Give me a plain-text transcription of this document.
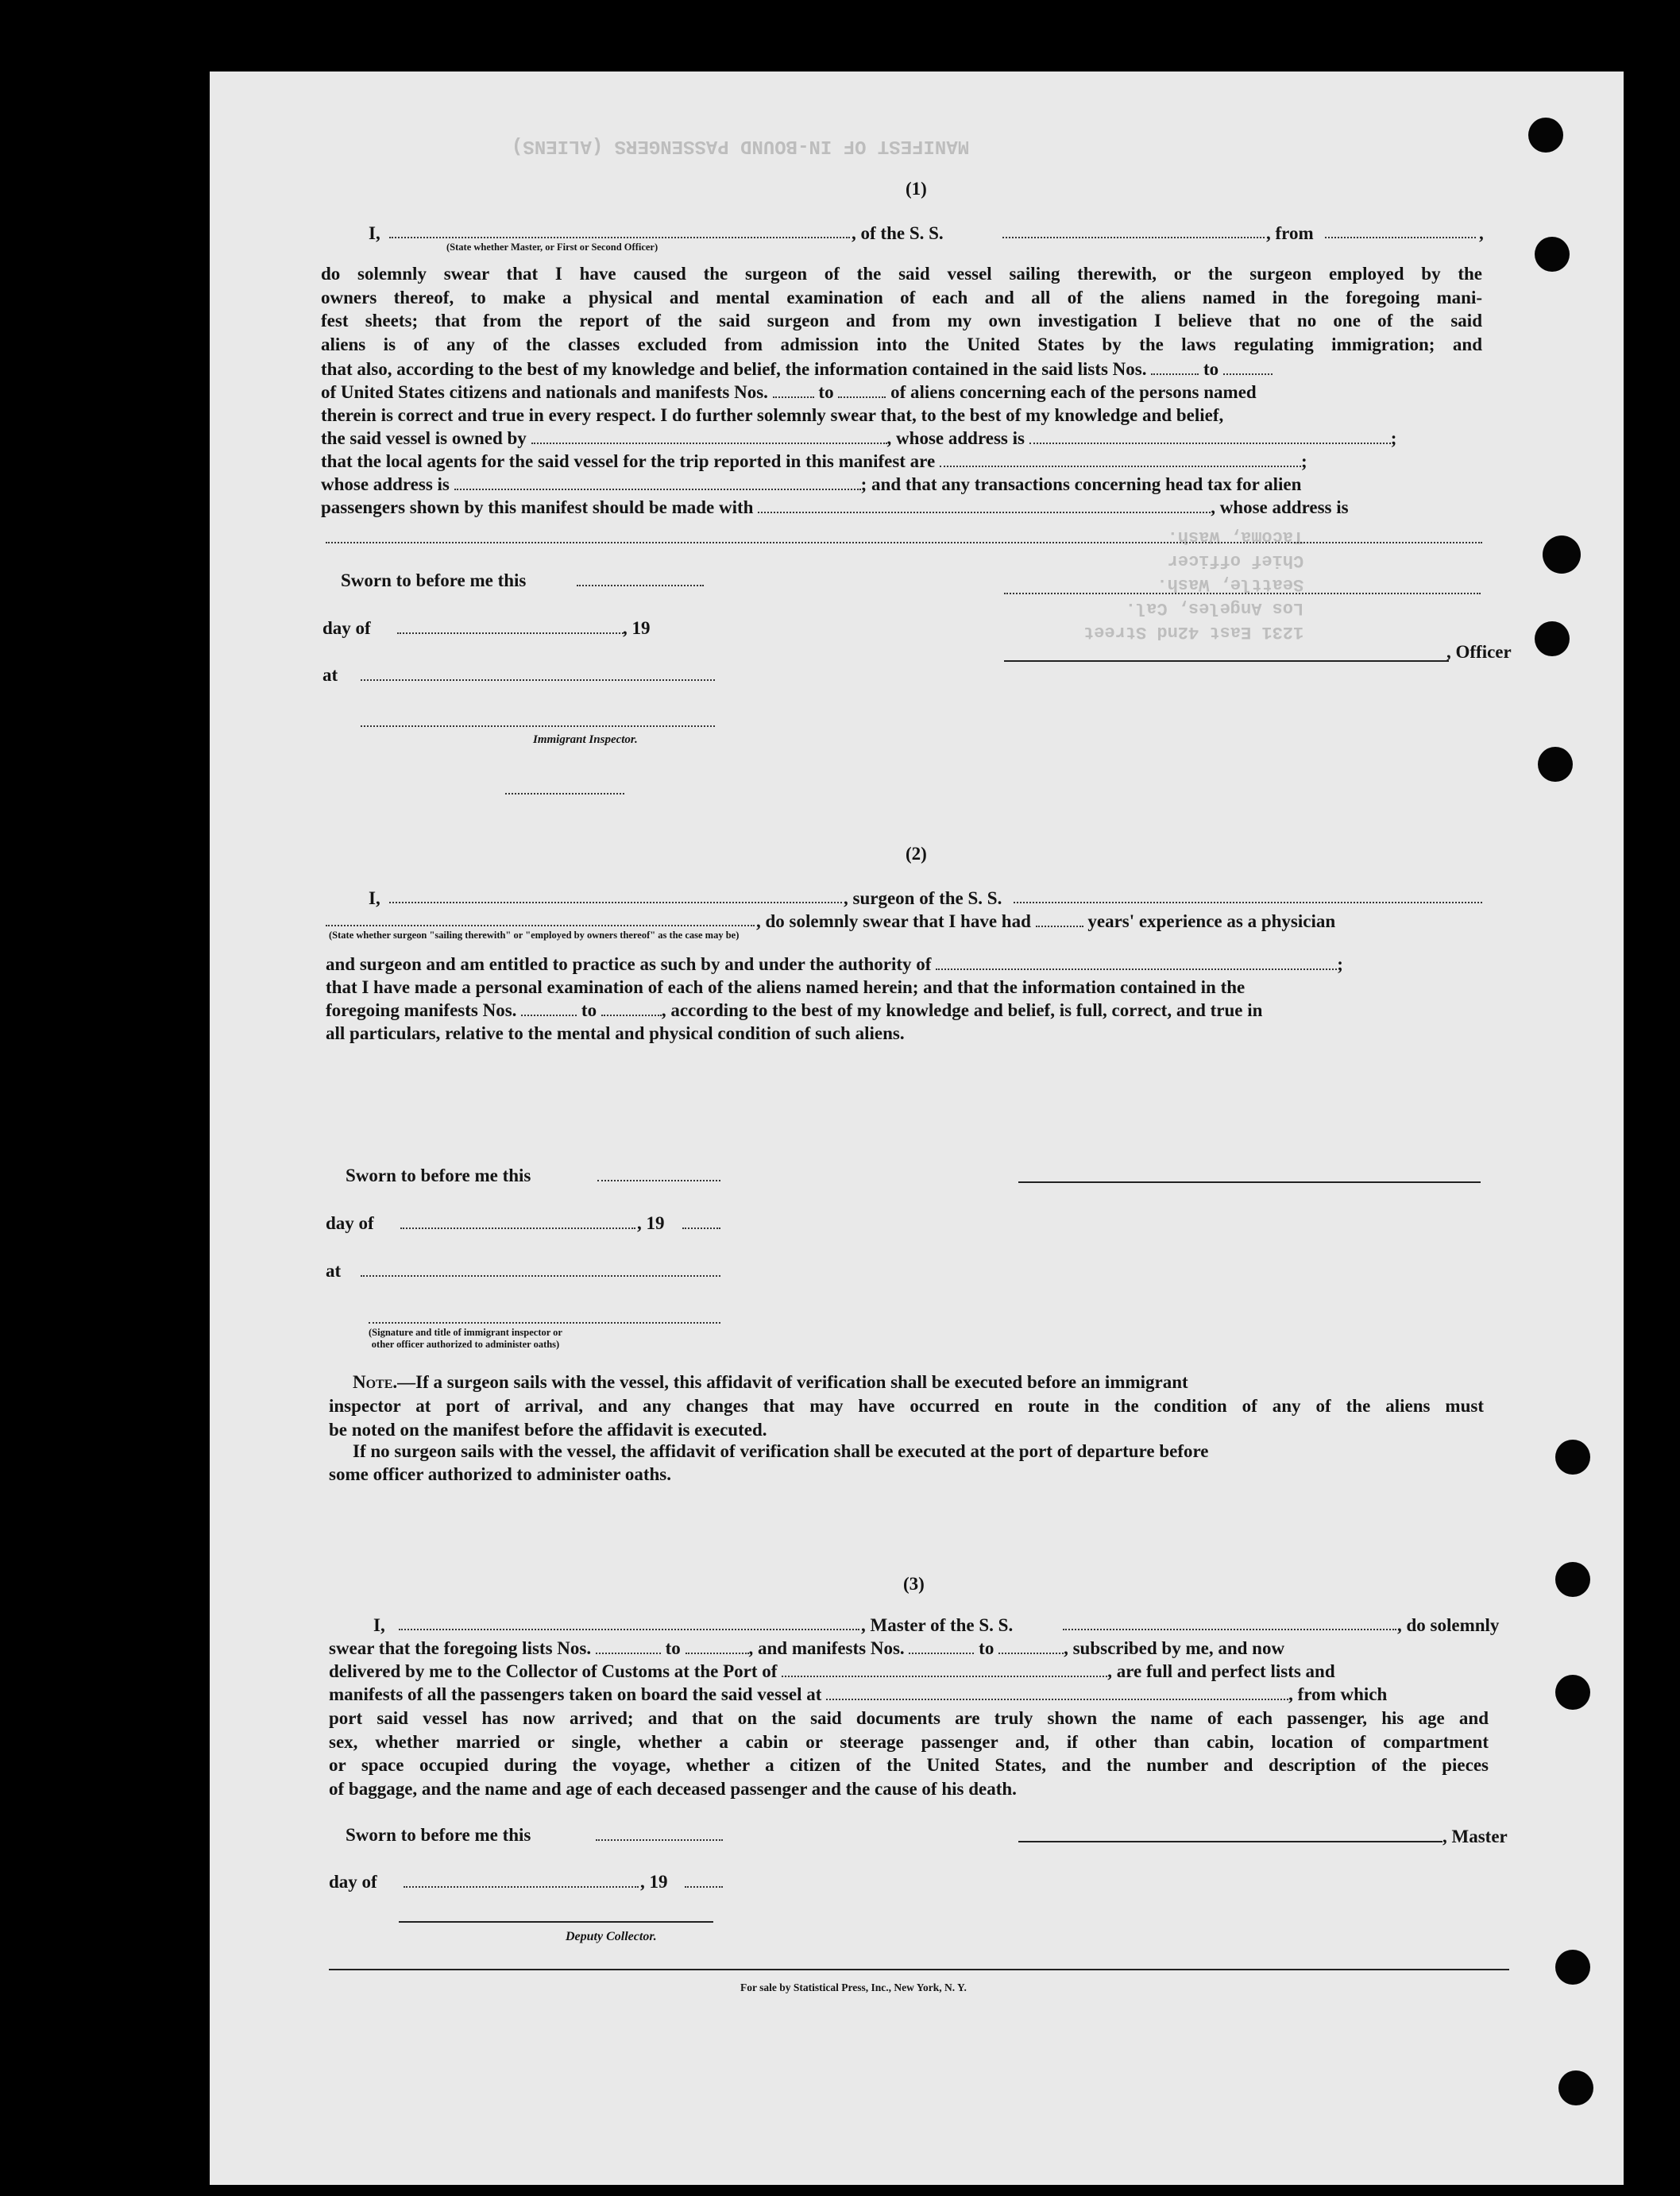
MANIFEST OF IN-BOUND PASSENGERS (ALIENS)
1231 East 42nd Street
Los Angeles, Cal.
Seattle, Wash.
Chief officer
Tacoma, Wash.
(1)
I,	, of the S. S.	, from	,
(State whether Master, or First or Second Officer)
do solemnly swear that I have caused the surgeon of the said vessel sailing therewith, or the surgeon employed by the
owners thereof, to make a physical and mental examination of each and all of the aliens named in the foregoing mani-
fest sheets; that from the report of the said surgeon and from my own investigation I believe that no one of the said
aliens is of any of the classes excluded from admission into the United States by the laws regulating immigration; and
that also, according to the best of my knowledge and belief, the information contained in the said lists Nos.	to
of United States citizens and nationals and manifests Nos.	to	of aliens concerning each of the persons named
therein is correct and true in every respect. I do further solemnly swear that, to the best of my knowledge and belief,
the said vessel is owned by	, whose address is	;
that the local agents for the said vessel for the trip reported in this manifest are	;
whose address is	; and that any transactions concerning head tax for alien
passengers shown by this manifest should be made with	, whose address is
Sworn to before me this
day of	, 19
at
Immigrant Inspector.
, Officer
(2)
I,	, surgeon of the S. S.
, do solemnly swear that I have had	years' experience as a physician
(State whether surgeon "sailing therewith" or "employed by owners thereof" as the case may be)
and surgeon and am entitled to practice as such by and under the authority of	;
that I have made a personal examination of each of the aliens named herein; and that the information contained in the
foregoing manifests Nos.	to	, according to the best of my knowledge and belief, is full, correct, and true in
all particulars, relative to the mental and physical condition of such aliens.
Sworn to before me this
day of	, 19
at
(Signature and title of immigrant inspector or
other officer authorized to administer oaths)
Note.—If a surgeon sails with the vessel, this affidavit of verification shall be executed before an immigrant
inspector at port of arrival, and any changes that may have occurred en route in the condition of any of the aliens must
be noted on the manifest before the affidavit is executed.
If no surgeon sails with the vessel, the affidavit of verification shall be executed at the port of departure before
some officer authorized to administer oaths.
(3)
I,	, Master of the S. S.	, do solemnly
swear that the foregoing lists Nos.	to	, and manifests Nos.	to	, subscribed by me, and now
delivered by me to the Collector of Customs at the Port of	, are full and perfect lists and
manifests of all the passengers taken on board the said vessel at	, from which
port said vessel has now arrived; and that on the said documents are truly shown the name of each passenger, his age and
sex, whether married or single, whether a cabin or steerage passenger and, if other than cabin, location of compartment
or space occupied during the voyage, whether a citizen of the United States, and the number and description of the pieces
of baggage, and the name and age of each deceased passenger and the cause of his death.
Sworn to before me this	, Master
day of	, 19
Deputy Collector.
For sale by Statistical Press, Inc., New York, N. Y.
